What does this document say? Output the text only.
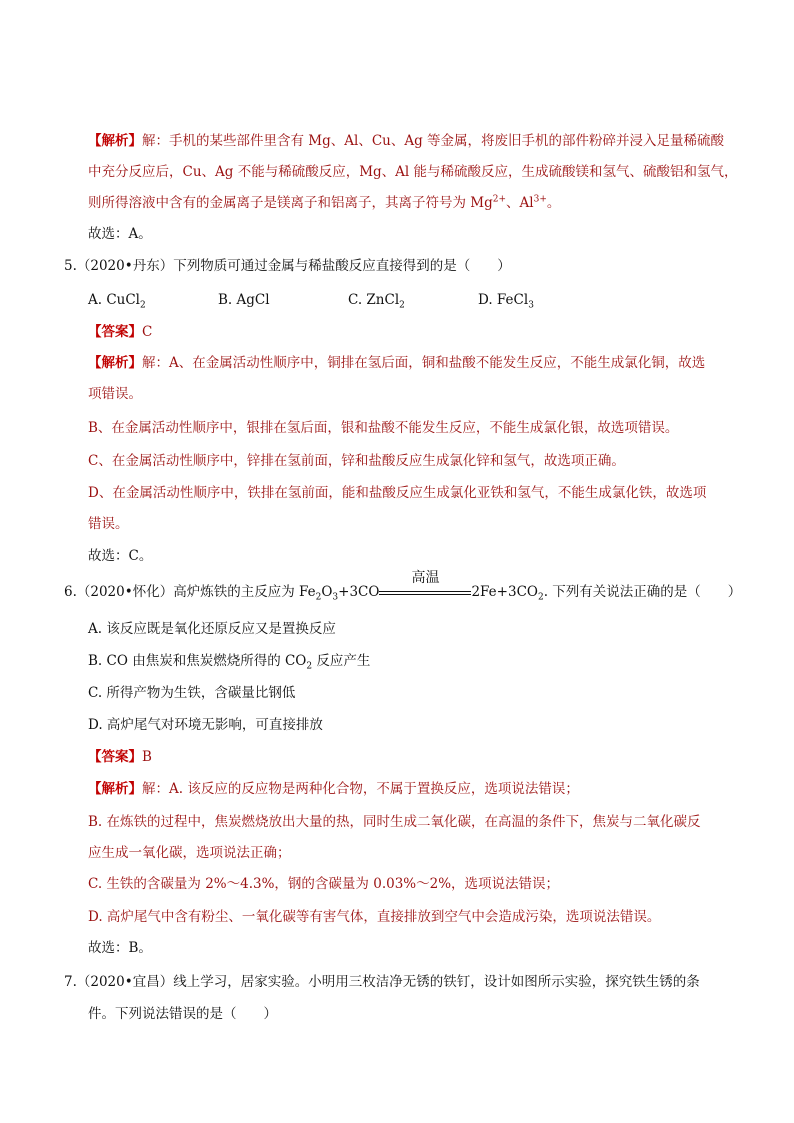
【解析】解：手机的某些部件里含有 Mg、Al、Cu、Ag 等金属，将废旧手机的部件粉碎并浸入足量稀硫酸
中充分反应后，Cu、Ag 不能与稀硫酸反应，Mg、Al 能与稀硫酸反应，生成硫酸镁和氢气、硫酸铝和氢气，
则所得溶液中含有的金属离子是镁离子和铝离子，其离子符号为 $Mg^{2+}$、$Al^{3+}$。
故选：A。
5.（2020•丹东）下列物质可通过金属与稀盐酸反应直接得到的是（　　）
A. CuCl$_2$	B. AgCl	C. ZnCl$_2$	D. FeCl$_3$
【答案】C
【解析】解：A、在金属活动性顺序中，铜排在氢后面，铜和盐酸不能发生反应，不能生成氯化铜，故选
项错误。
B、在金属活动性顺序中，银排在氢后面，银和盐酸不能发生反应，不能生成氯化银，故选项错误。
C、在金属活动性顺序中，锌排在氢前面，锌和盐酸反应生成氯化锌和氢气，故选项正确。
D、在金属活动性顺序中，铁排在氢前面，能和盐酸反应生成氯化亚铁和氢气，不能生成氯化铁，故选项
错误。
故选：C。
6.（2020•怀化）高炉炼铁的主反应为 $Fe_2O_3+3CO$
高温
$2Fe+3CO_2$. 下列有关说法正确的是（　　）
A. 该反应既是氧化还原反应又是置换反应
B. CO 由焦炭和焦炭燃烧所得的 $CO_2$ 反应产生
C. 所得产物为生铁，含碳量比钢低
D. 高炉尾气对环境无影响，可直接排放
【答案】B
【解析】解：A. 该反应的反应物是两种化合物，不属于置换反应，选项说法错误；
B. 在炼铁的过程中，焦炭燃烧放出大量的热，同时生成二氧化碳，在高温的条件下，焦炭与二氧化碳反
应生成一氧化碳，选项说法正确；
C. 生铁的含碳量为 2%～4.3%，钢的含碳量为 0.03%～2%，选项说法错误；
D. 高炉尾气中含有粉尘、一氧化碳等有害气体，直接排放到空气中会造成污染，选项说法错误。
故选：B。
7.（2020•宜昌）线上学习，居家实验。小明用三枚洁净无锈的铁钉，设计如图所示实验，探究铁生锈的条
件。下列说法错误的是（　　）
